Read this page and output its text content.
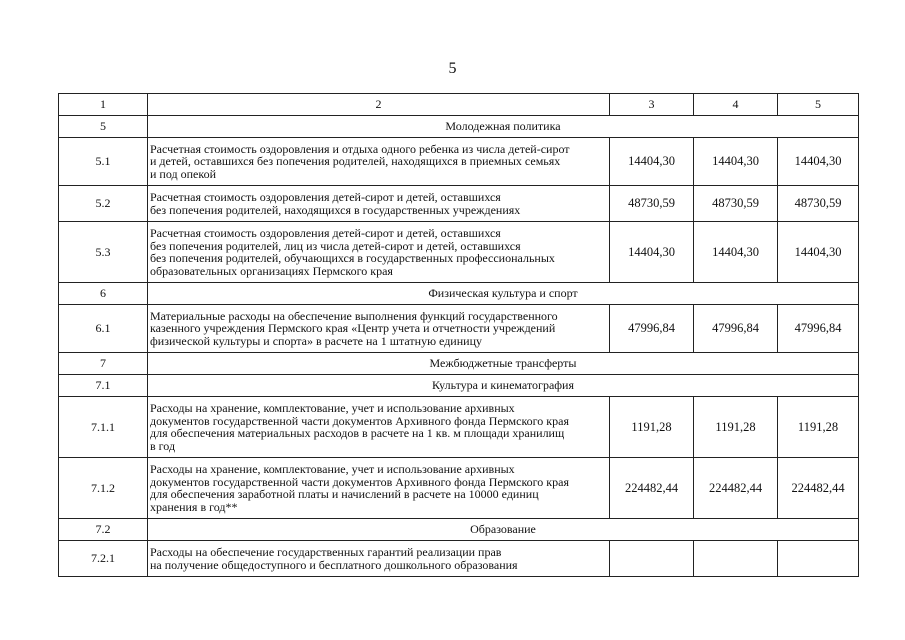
5
1	2	3	4	5
5	Молодежная политика			
5.1	Расчетная стоимость оздоровления и отдыха одного ребенка из числа детей-сирот
и детей, оставшихся без попечения родителей, находящихся в приемных семьях
и под опекой	14404,30	14404,30	14404,30
5.2	Расчетная стоимость оздоровления детей-сирот и детей, оставшихся
без попечения родителей, находящихся в государственных учреждениях	48730,59	48730,59	48730,59
5.3	Расчетная стоимость оздоровления детей-сирот и детей, оставшихся
без попечения родителей, лиц из числа детей-сирот и детей, оставшихся
без попечения родителей, обучающихся в государственных профессиональных
образовательных организациях Пермского края	14404,30	14404,30	14404,30
6	Физическая культура и спорт			
6.1	Материальные расходы на обеспечение выполнения функций государственного
казенного учреждения Пермского края «Центр учета и отчетности учреждений
физической культуры и спорта» в расчете на 1 штатную единицу	47996,84	47996,84	47996,84
7	Межбюджетные трансферты			
7.1	Культура и кинематография			
7.1.1	Расходы на хранение, комплектование, учет и использование архивных
документов государственной части документов Архивного фонда Пермского края
для обеспечения материальных расходов в расчете на 1 кв. м площади хранилищ
в год	1191,28	1191,28	1191,28
7.1.2	Расходы на хранение, комплектование, учет и использование архивных
документов государственной части документов Архивного фонда Пермского края
для обеспечения заработной платы и начислений в расчете на 10000 единиц
хранения в год**	224482,44	224482,44	224482,44
7.2	Образование			
7.2.1	Расходы на обеспечение государственных гарантий реализации прав
на получение общедоступного и бесплатного дошкольного образования			
